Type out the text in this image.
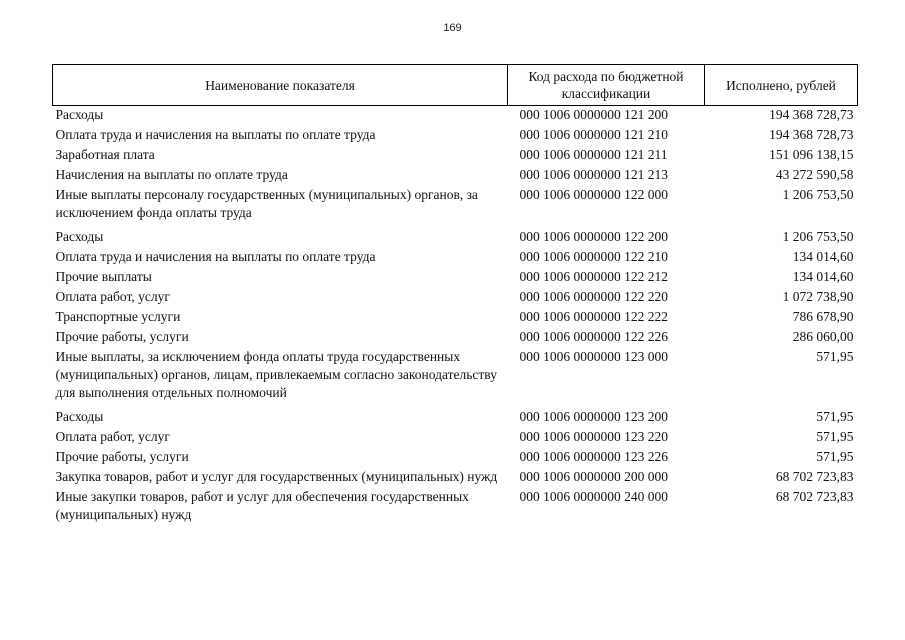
169
Наименование показателя	Код расхода по бюджетной классификации	Исполнено, рублей
Расходы	000 1006 0000000 121 200	194 368 728,73
Оплата труда и начисления на выплаты по оплате труда	000 1006 0000000 121 210	194 368 728,73
Заработная плата	000 1006 0000000 121 211	151 096 138,15
Начисления на выплаты по оплате труда	000 1006 0000000 121 213	43 272 590,58
Иные выплаты персоналу государственных (муниципальных) органов, за исключением фонда оплаты труда	000 1006 0000000 122 000	1 206 753,50
Расходы	000 1006 0000000 122 200	1 206 753,50
Оплата труда и начисления на выплаты по оплате труда	000 1006 0000000 122 210	134 014,60
Прочие выплаты	000 1006 0000000 122 212	134 014,60
Оплата работ, услуг	000 1006 0000000 122 220	1 072 738,90
Транспортные услуги	000 1006 0000000 122 222	786 678,90
Прочие работы, услуги	000 1006 0000000 122 226	286 060,00
Иные выплаты, за исключением фонда оплаты труда государственных (муниципальных) органов, лицам, привлекаемым согласно законодательству для выполнения отдельных полномочий	000 1006 0000000 123 000	571,95
Расходы	000 1006 0000000 123 200	571,95
Оплата работ, услуг	000 1006 0000000 123 220	571,95
Прочие работы, услуги	000 1006 0000000 123 226	571,95
Закупка товаров, работ и услуг для государственных (муниципальных) нужд	000 1006 0000000 200 000	68 702 723,83
Иные закупки товаров, работ и услуг для обеспечения государственных (муниципальных) нужд	000 1006 0000000 240 000	68 702 723,83
